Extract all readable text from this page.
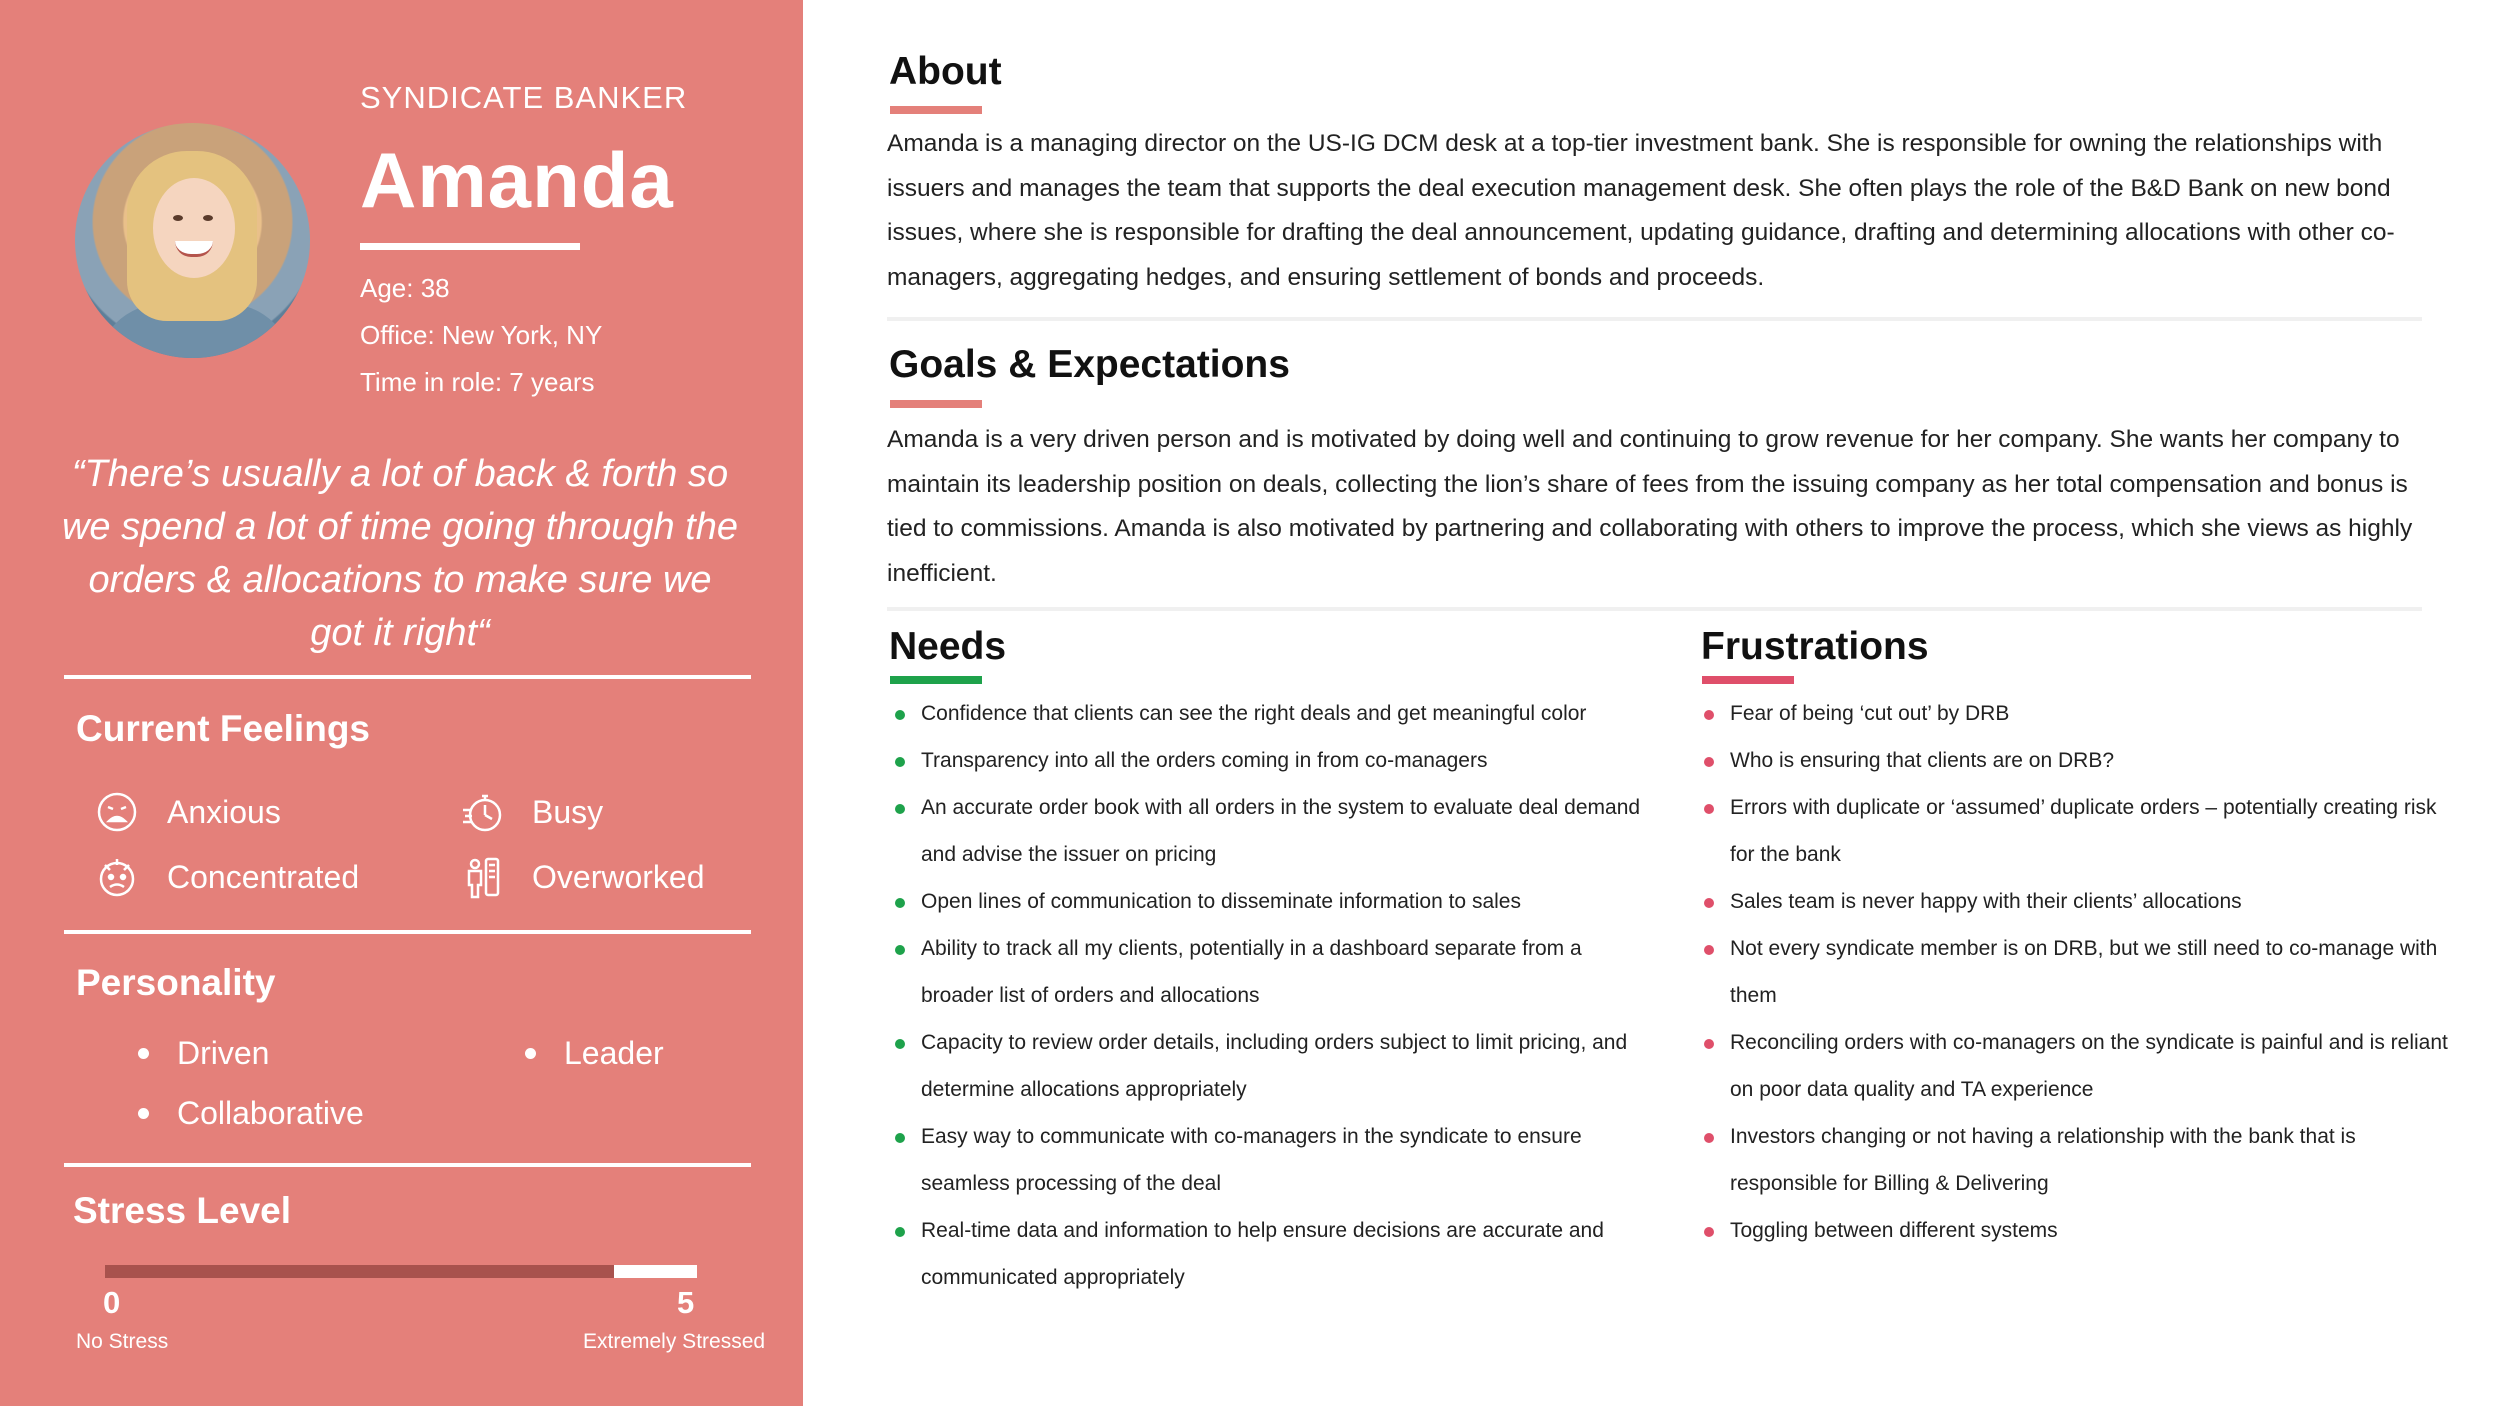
SYNDICATE BANKER
Amanda
Age: 38
Office: New York, NY
Time in role: 7 years
“There’s usually a lot of back & forth so we spend a lot of time going through the orders & allocations to make sure we got it right“
Current Feelings
Anxious	Busy
Concentrated	Overworked
Personality
Driven	Leader
Collaborative
Stress Level
0	5
No Stress	Extremely Stressed
About
Amanda is a managing director on the US-IG DCM desk at a top-tier investment bank. She is responsible for owning the relationships with issuers and manages the team that supports the deal execution management desk. She often plays the role of the B&D Bank on new bond issues, where she is responsible for drafting the deal announcement, updating guidance, drafting and determining allocations with other co-managers, aggregating hedges, and ensuring settlement of bonds and proceeds.
Goals & Expectations
Amanda is a very driven person and is motivated by doing well and continuing to grow revenue for her company. She wants her company to maintain its leadership position on deals, collecting the lion’s share of fees from the issuing company as her total compensation and bonus is tied to commissions. Amanda is also motivated by partnering and collaborating with others to improve the process, which she views as highly inefficient.
Needs
Confidence that clients can see the right deals and get meaningful color
Transparency into all the orders coming in from co-managers
An accurate order book with all orders in the system to evaluate deal demand and advise the issuer on pricing
Open lines of communication to disseminate information to sales
Ability to track all my clients, potentially in a dashboard separate from a broader list of orders and allocations
Capacity to review order details, including orders subject to limit pricing, and determine allocations appropriately
Easy way to communicate with co-managers in the syndicate to ensure seamless processing of the deal
Real-time data and information to help ensure decisions are accurate and communicated appropriately
Frustrations
Fear of being ‘cut out’ by DRB
Who is ensuring that clients are on DRB?
Errors with duplicate or ‘assumed’ duplicate orders – potentially creating risk for the bank
Sales team is never happy with their clients’ allocations
Not every syndicate member is on DRB, but we still need to co-manage with them
Reconciling orders with co-managers on the syndicate is painful and is reliant on poor data quality and TA experience
Investors changing or not having a relationship with the bank that is responsible for Billing & Delivering
Toggling between different systems
